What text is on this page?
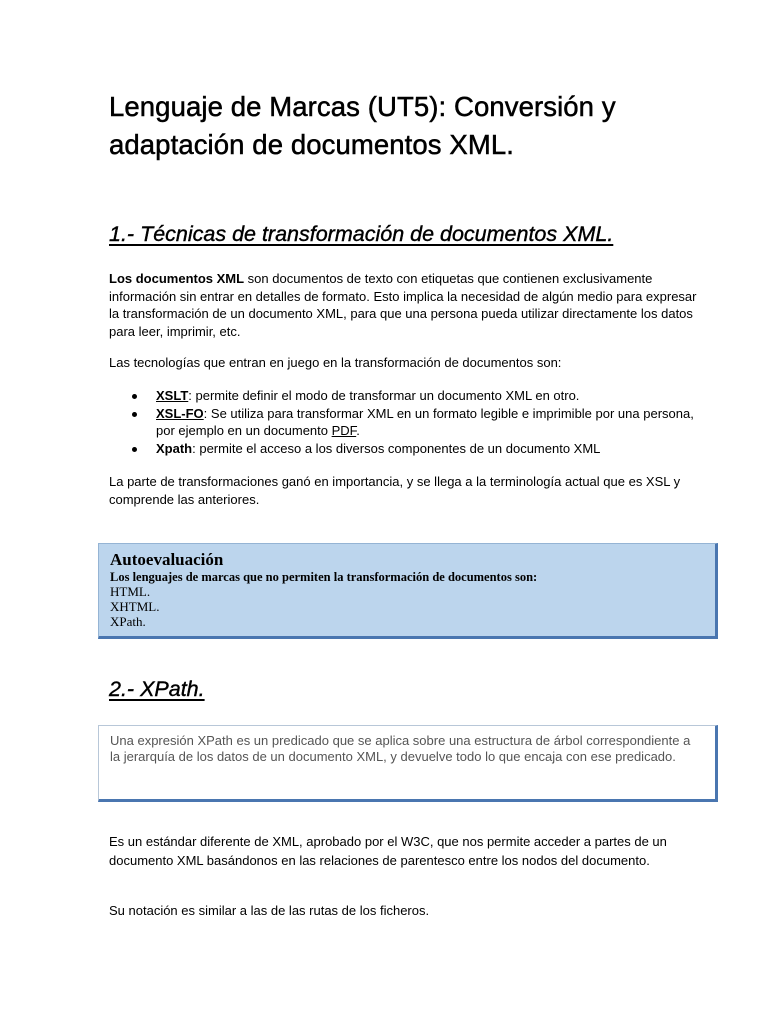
Lenguaje de Marcas (UT5): Conversión y adaptación de documentos XML.
1.- Técnicas de transformación de documentos XML.

Los documentos XML son documentos de texto con etiquetas que contienen exclusivamente información sin entrar en detalles de formato. Esto implica la necesidad de algún medio para expresar la transformación de un documento XML, para que una persona pueda utilizar directamente los datos para leer, imprimir, etc.

Las tecnologías que entran en juego en la transformación de documentos son:

XSLT: permite definir el modo de transformar un documento XML en otro.
XSL-FO: Se utiliza para transformar XML en un formato legible e imprimible por una persona, por ejemplo en un documento PDF.
Xpath: permite el acceso a los diversos componentes de un documento XML

La parte de transformaciones ganó en importancia, y se llega a la terminología actual que es XSL y comprende las anteriores.

Autoevaluación
Los lenguajes de marcas que no permiten la transformación de documentos son:
HTML.
XHTML.
XPath.
2.- XPath.

Una expresión XPath es un predicado que se aplica sobre una estructura de árbol correspondiente a la jerarquía de los datos de un documento XML, y devuelve todo lo que encaja con ese predicado.

Es un estándar diferente de XML, aprobado por el W3C, que nos permite acceder a partes de un documento XML basándonos en las relaciones de parentesco entre los nodos del documento.

Su notación es similar a las de las rutas de los ficheros.
